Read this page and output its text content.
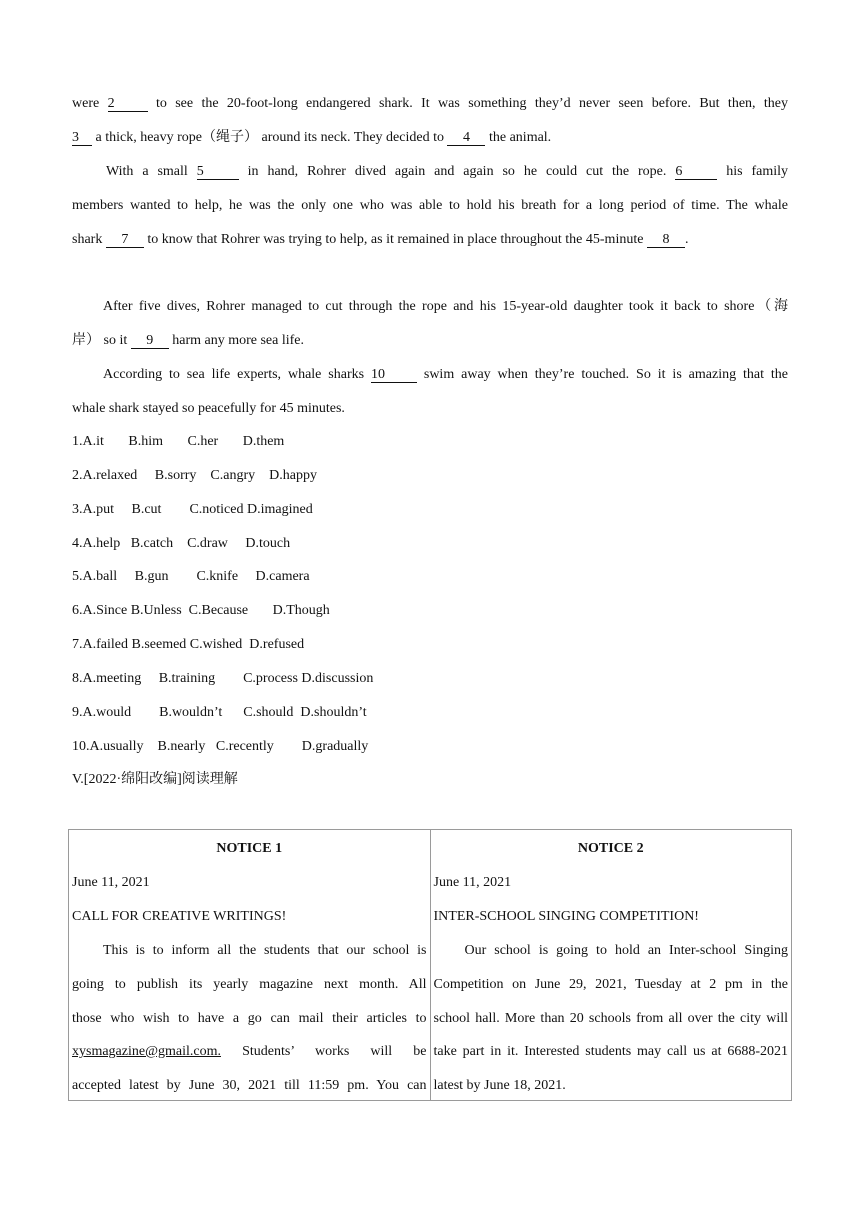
were 2	to see the 20-foot-long endangered shark. It was something they’d never seen before. But then, they
3 a thick, heavy rope（绳子） around its neck. They decided to 4 the animal.
With a small 5	in hand, Rohrer dived again and again so he could cut the rope. 6	his family
members wanted to help, he was the only one who was able to hold his breath for a long period of time. The whale
shark 7 to know that Rohrer was trying to help, as it remained in place throughout the 45-minute 8 .
After five dives, Rohrer managed to cut through the rope and his 15-year-old daughter took it back to shore（海
岸） so it 9 harm any more sea life.
According to sea life experts, whale sharks 10	swim away when they’re touched. So it is amazing that the
whale shark stayed so peacefully for 45 minutes.
1.A.it       B.him       C.her       D.them
2.A.relaxed     B.sorry    C.angry    D.happy
3.A.put     B.cut        C.noticed D.imagined
4.A.help   B.catch    C.draw     D.touch
5.A.ball     B.gun        C.knife     D.camera
6.A.Since B.Unless  C.Because       D.Though
7.A.failed B.seemed C.wished  D.refused
8.A.meeting     B.training        C.process D.discussion
9.A.would        B.wouldn’t      C.should  D.shouldn’t
10.A.usually    B.nearly   C.recently        D.gradually
V.[2022·绵阳改编]阅读理解
NOTICE 1
June 11, 2021
CALL FOR CREATIVE WRITINGS!
This is to inform all the students that our school is
going to publish its yearly magazine next month. All
those who wish to have a go can mail their articles to
xysmagazine@gmail.com. Students’ works will be
accepted latest by June 30, 2021 till 11:59 pm. You can

NOTICE 2
June 11, 2021
INTER-SCHOOL SINGING COMPETITION!
Our school is going to hold an Inter-school Singing
Competition on June 29, 2021, Tuesday at 2 pm in the
school hall. More than 20 schools from all over the city will
take part in it. Interested students may call us at 6688-2021
latest by June 18, 2021.
